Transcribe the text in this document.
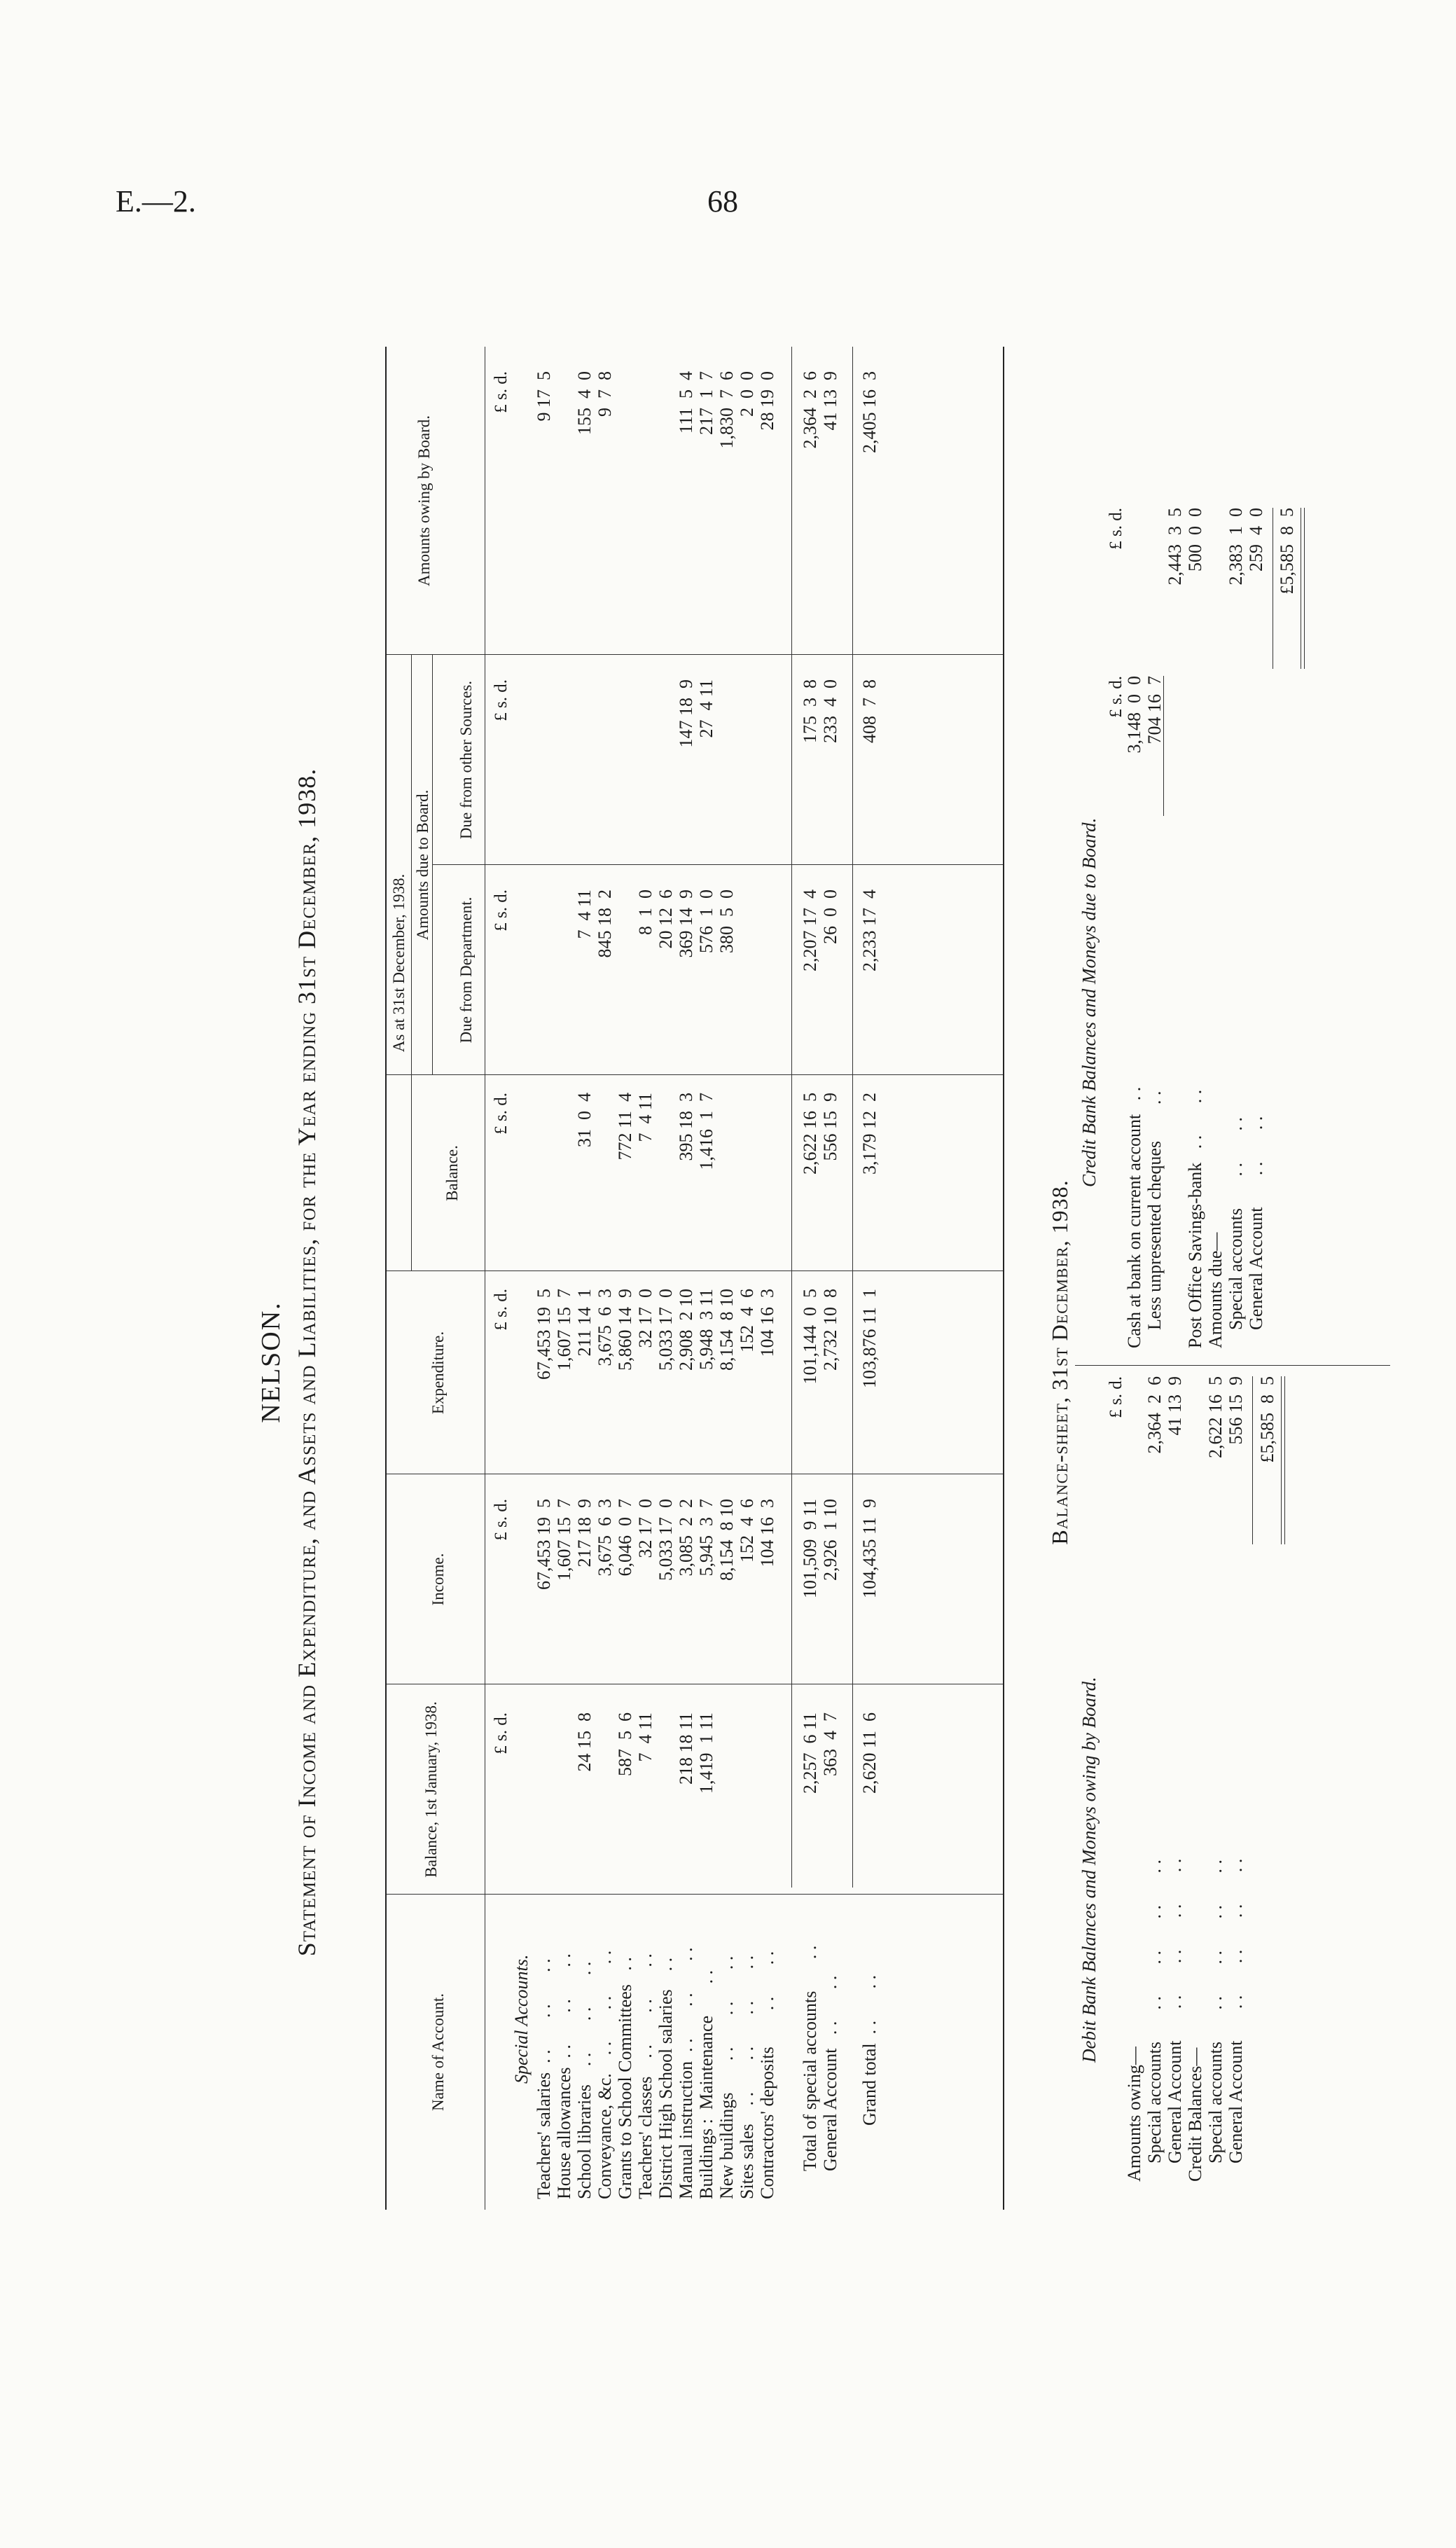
E.—2.	68
NELSON. Statement of Income and Expenditure, and Assets and Liabilities, for the Year ending 31st December, 1938.
Name of Account.
Balance, 1st January, 1938.
Income.
Expenditure.
As at 31st December, 1938.
Balance.
Amounts due to Board.
Due from Department.
Due from other Sources.
Amounts owing by Board.
£ s. d.
£ s. d.
£ s. d.
£ s. d.
£ s. d.
£ s. d.
£ s. d.
Special Accounts. Teachers' salaries  . .       . .       . . House allowances  . .       . .       . . School libraries    . .       . .       . . Conveyance, &c.    . .       . .       . . Grants to School Committees   . . Teachers' classes    . .       . .       . . District High School salaries    . . Manual instruction  . .       . .       . . Buildings :  Maintenance       . . New buildings       . .       . .       . . Sites sales    . .       . .       . .       . . Contractors' deposits        . .       . .
24 15  8 587  5  6 7  4 11 218 18 11 1,419  1 11
67,453 19  5 1,607 15  7 217 18  9 3,675  6  3 6,046  0  7 32 17  0 5,033 17  0 3,085  2  2 5,945  3  7 8,154  8 10 152  4  6 104 16  3
67,453 19  5 1,607 15  7 211 14  1 3,675  6  3 5,860 14  9 32 17  0 5,033 17  0 2,908  2 10 5,948  3 11 8,154  8 10 152  4  6 104 16  3
31  0  4 772 11  4 7  4 11 395 18  3 1,416  1  7
7  4 11 845 18  2 8  1  0 20 12  6 369 14  9 576  1  0 380  5  0
147 18  9 27  4 11
9 17  5 155  4  0 9  7  8	111  5  4 217  1  7 1,830  7  6 2  0  0 28 19  0
Total of special accounts       . . General Account   . .       . .
2,257  6 11 363  4  7
101,509  9 11 2,926  1 10
101,144  0  5 2,732 10  8
2,622 16  5 556 15  9
2,207 17  4 26  0  0
175  3  8 233  4  0
2,364  2  6 41 13  9
Grand total  . .       . .
2,620 11  6
104,435 11  9
103,876 11  1
3,179 12  2
2,233 17  4
408  7  8
2,405 16  3
Balance-sheet, 31st December, 1938.
Debit Bank Balances and Moneys owing by Board.
Credit Bank Balances and Moneys due to Board.
£ s. d.
Amounts owing— Special accounts       . .       . .       . .       . . General Account       . .       . .       . .       . . Credit Balances— Special accounts       . .       . .       . .       . . General Account       . .       . .       . .       . .
2,364  2  6 41 13  9 2,622 16  5 556 15  9 £5,585  8  5
£ s. d.
£ s. d.
Cash at bank on current account   . . Less unpresented cheques        . . Post Office Savings-bank   . .       . . Amounts due— Special accounts       . .       . . General Account       . .       . .
3,148  0  0 704 16  7
2,443  3  5 500  0  0 2,383  1  0 259  4  0 £5,585  8  5
